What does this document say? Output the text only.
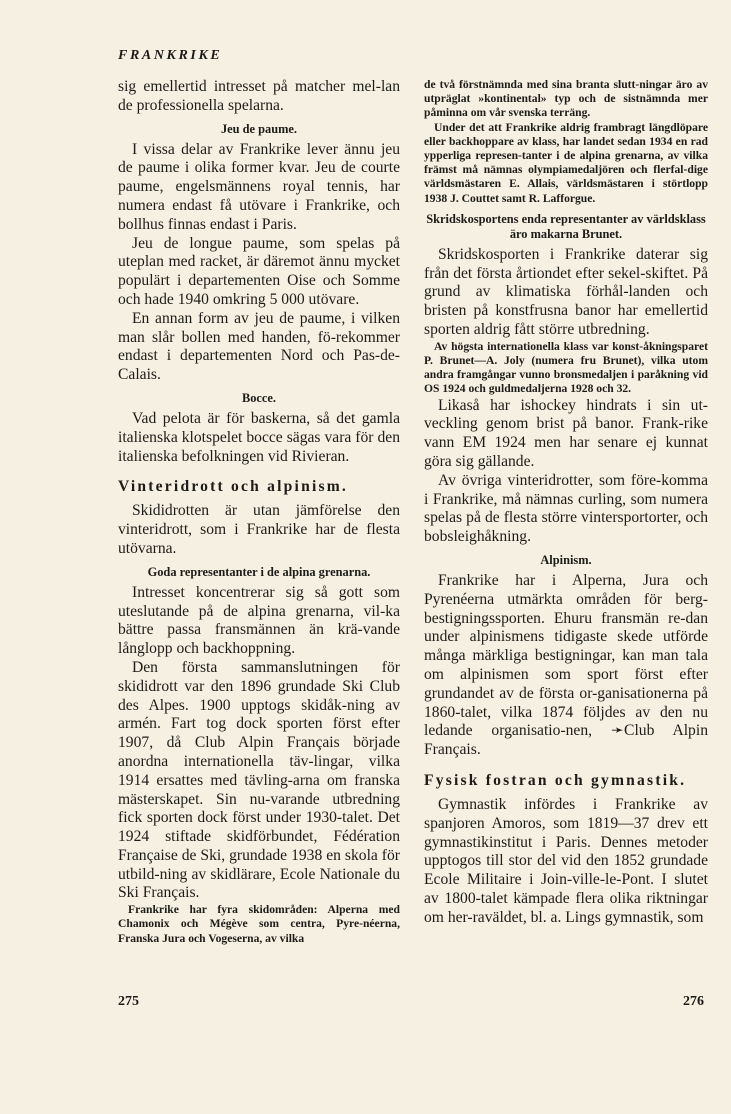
FRANKRIKE

sig emellertid intresset på matcher mel-lan de professionella spelarna.

Jeu de paume.

I vissa delar av Frankrike lever ännu jeu de paume i olika former kvar. Jeu de courte paume, engelsmännens royal tennis, har numera endast få utövare i Frankrike, och bollhus finnas endast i Paris.

Jeu de longue paume, som spelas på uteplan med racket, är däremot ännu mycket populärt i departementen Oise och Somme och hade 1940 omkring 5 000 utövare.

En annan form av jeu de paume, i vilken man slår bollen med handen, fö-rekommer endast i departementen Nord och Pas-de-Calais.

Bocce.

Vad pelota är för baskerna, så det gamla italienska klotspelet bocce sägas vara för den italienska befolkningen vid Rivieran.

Vinteridrott och alpinism.

Skididrotten är utan jämförelse den vinteridrott, som i Frankrike har de flesta utövarna.

Goda representanter i de alpina grenarna.

Intresset koncentrerar sig så gott som uteslutande på de alpina grenarna, vil-ka bättre passa fransmännen än krä-vande långlopp och backhoppning.

Den första sammanslutningen för skididrott var den 1896 grundade Ski Club des Alpes. 1900 upptogs skidåk-ning av armén. Fart tog dock sporten först efter 1907, då Club Alpin Français började anordna internationella täv-lingar, vilka 1914 ersattes med tävling-arna om franska mästerskapet. Sin nu-varande utbredning fick sporten dock först under 1930-talet. Det 1924 stiftade skidförbundet, Fédération Française de Ski, grundade 1938 en skola för utbild-ning av skidlärare, Ecole Nationale du Ski Français.

Frankrike har fyra skidområden: Alperna med Chamonix och Mégève som centra, Pyre-néerna, Franska Jura och Vogeserna, av vilka

de två förstnämnda med sina branta slutt-ningar äro av utpräglat »kontinental» typ och de sistnämnda mer påminna om vår svenska terräng.

Under det att Frankrike aldrig frambragt längdlöpare eller backhoppare av klass, har landet sedan 1934 en rad ypperliga represen-tanter i de alpina grenarna, av vilka främst må nämnas olympiamedaljören och flerfal-dige världsmästaren E. Allais, världsmästaren i störtlopp 1938 J. Couttet samt R. Lafforgue.

Skridskosportens enda representanter av världsklass äro makarna Brunet.

Skridskosporten i Frankrike daterar sig från det första årtiondet efter sekel-skiftet. På grund av klimatiska förhål-landen och bristen på konstfrusna banor har emellertid sporten aldrig fått större utbredning.

Av högsta internationella klass var konst-åkningsparet P. Brunet—A. Joly (numera fru Brunet), vilka utom andra framgångar vunno bronsmedaljen i paråkning vid OS 1924 och guldmedaljerna 1928 och 32.

Likaså har ishockey hindrats i sin ut-veckling genom brist på banor. Frank-rike vann EM 1924 men har senare ej kunnat göra sig gällande.

Av övriga vinteridrotter, som före-komma i Frankrike, må nämnas curling, som numera spelas på de flesta större vintersportorter, och bobsleighåkning.

Alpinism.

Frankrike har i Alperna, Jura och Pyrenéerna utmärkta områden för berg-bestigningssporten. Ehuru fransmän re-dan under alpinismens tidigaste skede utförde många märkliga bestigningar, kan man tala om alpinismen som sport först efter grundandet av de första or-ganisationerna på 1860-talet, vilka 1874 följdes av den nu ledande organisatio-nen, ➛Club Alpin Français.

Fysisk fostran och gymnastik.

Gymnastik infördes i Frankrike av spanjoren Amoros, som 1819—37 drev ett gymnastikinstitut i Paris. Dennes metoder upptogos till stor del vid den 1852 grundade Ecole Militaire i Join-ville-le-Pont. I slutet av 1800-talet kämpade flera olika riktningar om her-raväldet, bl. a. Lings gymnastik, som

275	276
